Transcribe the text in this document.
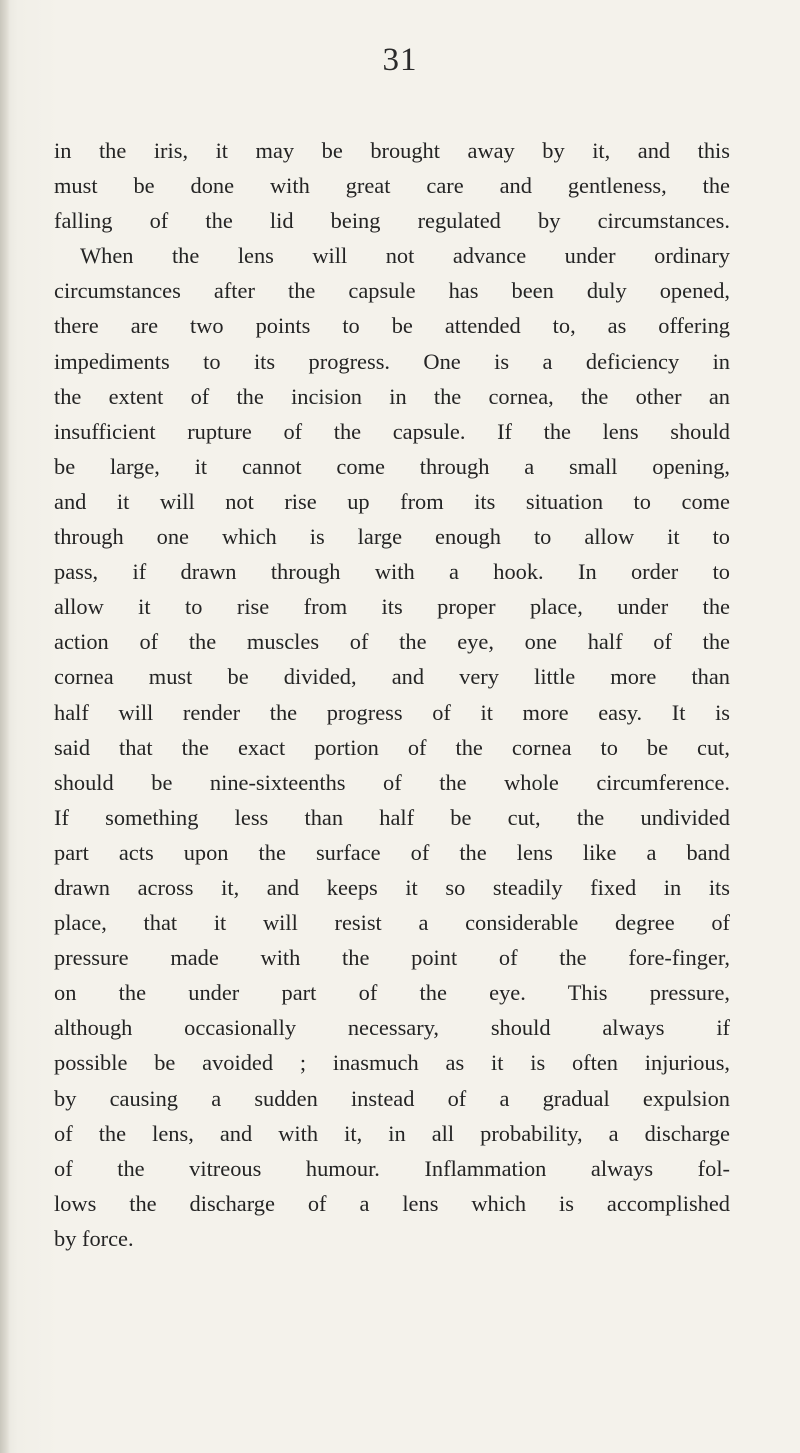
31
in the iris, it may be brought away by it, and this
must be done with great care and gentleness, the
falling of the lid being regulated by circumstances.
When the lens will not advance under ordinary
circumstances after the capsule has been duly opened,
there are two points to be attended to, as offering
impediments to its progress. One is a deficiency in
the extent of the incision in the cornea, the other an
insufficient rupture of the capsule. If the lens should
be large, it cannot come through a small opening,
and it will not rise up from its situation to come
through one which is large enough to allow it to
pass, if drawn through with a hook. In order to
allow it to rise from its proper place, under the
action of the muscles of the eye, one half of the
cornea must be divided, and very little more than
half will render the progress of it more easy. It is
said that the exact portion of the cornea to be cut,
should be nine-sixteenths of the whole circumference.
If something less than half be cut, the undivided
part acts upon the surface of the lens like a band
drawn across it, and keeps it so steadily fixed in its
place, that it will resist a considerable degree of
pressure made with the point of the fore-finger,
on the under part of the eye. This pressure,
although occasionally necessary, should always if
possible be avoided ; inasmuch as it is often injurious,
by causing a sudden instead of a gradual expulsion
of the lens, and with it, in all probability, a discharge
of the vitreous humour. Inflammation always fol-
lows the discharge of a lens which is accomplished
by force.
